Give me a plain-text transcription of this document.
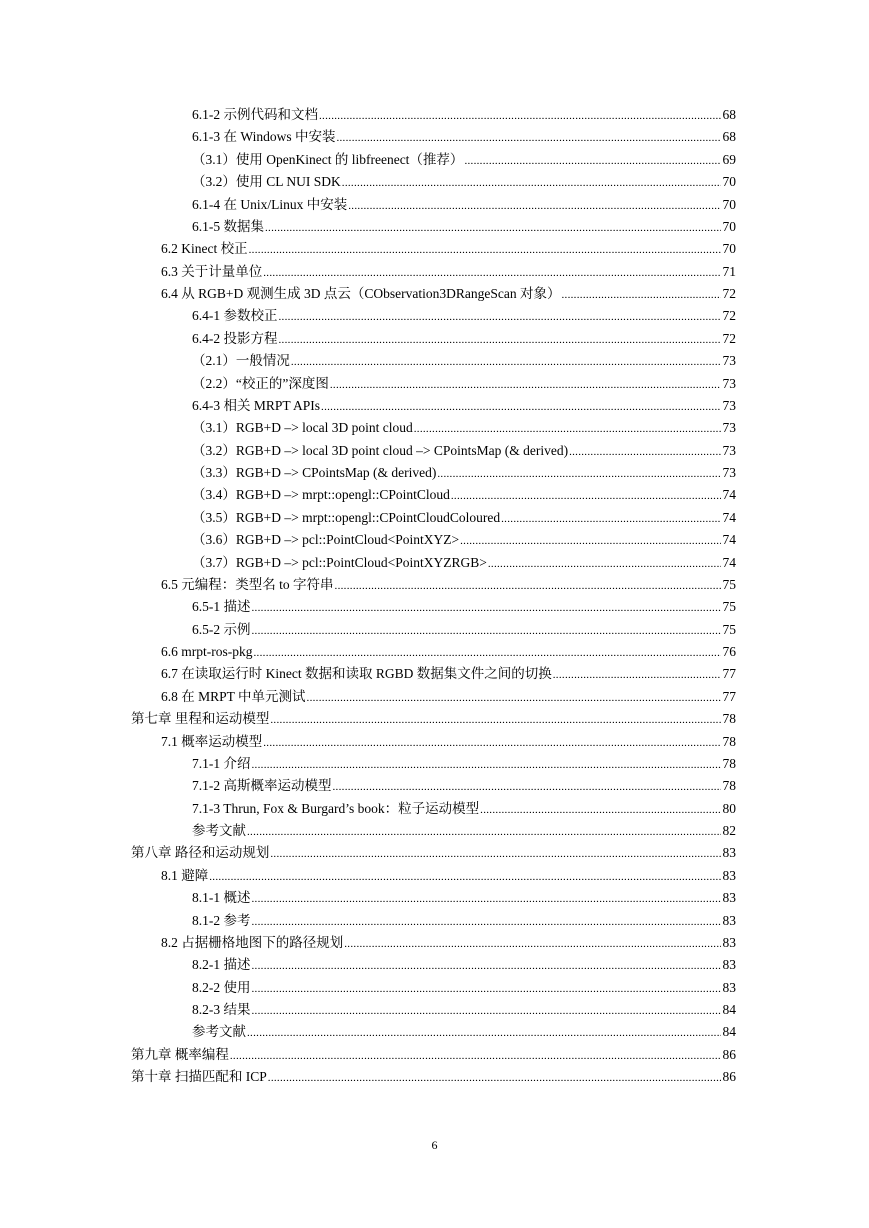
6.1-2 示例代码和文档 .....	68
6.1-3 在 Windows 中安装 .....	68
（3.1）使用 OpenKinect 的 libfreenect（推荐） .....	69
（3.2）使用 CL NUI SDK .....	70
6.1-4 在 Unix/Linux 中安装 .....	70
6.1-5 数据集 .....	70
6.2 Kinect 校正 .....	70
6.3 关于计量单位 .....	71
6.4 从 RGB+D 观测生成 3D 点云（CObservation3DRangeScan 对象） .....	72
6.4-1 参数校正 .....	72
6.4-2 投影方程 .....	72
（2.1）一般情况 .....	73
（2.2）“校正的”深度图 .....	73
6.4-3 相关 MRPT APIs .....	73
（3.1）RGB+D –> local 3D point cloud .....	73
（3.2）RGB+D –> local 3D point cloud –> CPointsMap (& derived) .....	73
（3.3）RGB+D –> CPointsMap (& derived) .....	73
（3.4）RGB+D –> mrpt::opengl::CPointCloud .....	74
（3.5）RGB+D –> mrpt::opengl::CPointCloudColoured .....	74
（3.6）RGB+D –> pcl::PointCloud<PointXYZ> .....	74
（3.7）RGB+D –> pcl::PointCloud<PointXYZRGB> .....	74
6.5 元编程：类型名 to 字符串 .....	75
6.5-1 描述 .....	75
6.5-2 示例 .....	75
6.6 mrpt-ros-pkg .....	76
6.7 在读取运行时 Kinect 数据和读取 RGBD 数据集文件之间的切换 .....	77
6.8 在 MRPT 中单元测试 .....	77
第七章 里程和运动模型 .....	78
7.1 概率运动模型 .....	78
7.1-1 介绍 .....	78
7.1-2 高斯概率运动模型 .....	78
7.1-3 Thrun, Fox & Burgard’s book：粒子运动模型 .....	80
参考文献 .....	82
第八章 路径和运动规划 .....	83
8.1 避障 .....	83
8.1-1 概述 .....	83
8.1-2 参考 .....	83
8.2 占据栅格地图下的路径规划 .....	83
8.2-1 描述 .....	83
8.2-2 使用 .....	83
8.2-3 结果 .....	84
参考文献 .....	84
第九章 概率编程 .....	86
第十章 扫描匹配和 ICP .....	86
6
